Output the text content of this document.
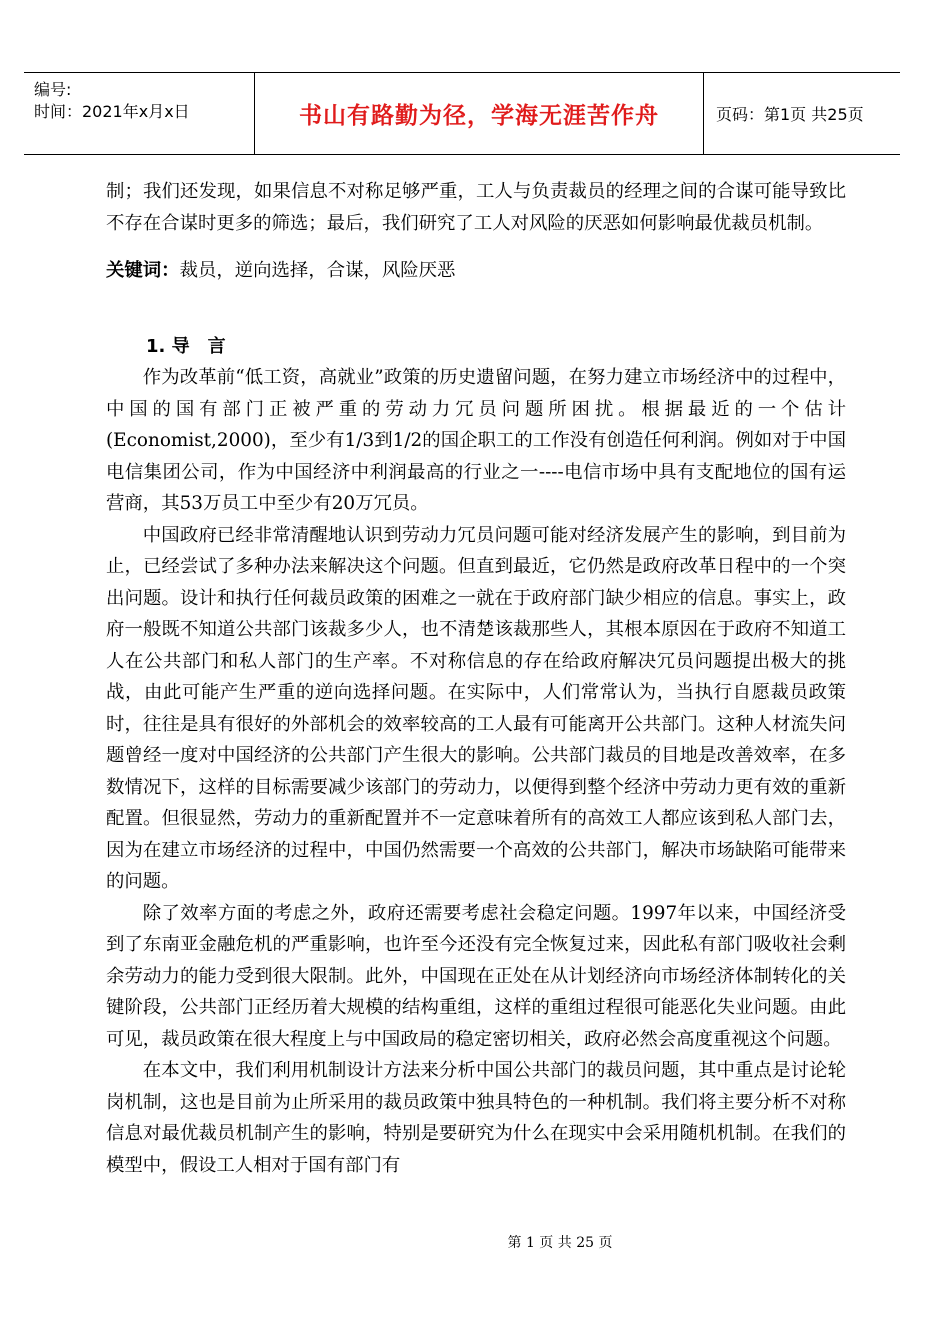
编号:
时间：2021年x月x日	书山有路勤为径，学海无涯苦作舟	页码：第1页 共25页

制；我们还发现，如果信息不对称足够严重，工人与负责裁员的经理之间的合谋可能导致比不存在合谋时更多的筛选；最后，我们研究了工人对风险的厌恶如何影响最优裁员机制。

关键词：裁员，逆向选择，合谋，风险厌恶

1. 导　言

作为改革前“低工资，高就业”政策的历史遗留问题，在努力建立市场经济中的过程中，中国的国有部门正被严重的劳动力冗员问题所困扰。根据最近的一个估计(Economist,2000)，至少有1/3到1/2的国企职工的工作没有创造任何利润。例如对于中国电信集团公司，作为中国经济中利润最高的行业之一----电信市场中具有支配地位的国有运营商，其53万员工中至少有20万冗员。

中国政府已经非常清醒地认识到劳动力冗员问题可能对经济发展产生的影响，到目前为止，已经尝试了多种办法来解决这个问题。但直到最近，它仍然是政府改革日程中的一个突出问题。设计和执行任何裁员政策的困难之一就在于政府部门缺少相应的信息。事实上，政府一般既不知道公共部门该裁多少人，也不清楚该裁那些人，其根本原因在于政府不知道工人在公共部门和私人部门的生产率。不对称信息的存在给政府解决冗员问题提出极大的挑战，由此可能产生严重的逆向选择问题。在实际中，人们常常认为，当执行自愿裁员政策时，往往是具有很好的外部机会的效率较高的工人最有可能离开公共部门。这种人材流失问题曾经一度对中国经济的公共部门产生很大的影响。公共部门裁员的目地是改善效率，在多数情况下，这样的目标需要减少该部门的劳动力，以便得到整个经济中劳动力更有效的重新配置。但很显然，劳动力的重新配置并不一定意味着所有的高效工人都应该到私人部门去，因为在建立市场经济的过程中，中国仍然需要一个高效的公共部门，解决市场缺陷可能带来的问题。

除了效率方面的考虑之外，政府还需要考虑社会稳定问题。1997年以来，中国经济受到了东南亚金融危机的严重影响，也许至今还没有完全恢复过来，因此私有部门吸收社会剩余劳动力的能力受到很大限制。此外，中国现在正处在从计划经济向市场经济体制转化的关键阶段，公共部门正经历着大规模的结构重组，这样的重组过程很可能恶化失业问题。由此可见，裁员政策在很大程度上与中国政局的稳定密切相关，政府必然会高度重视这个问题。

在本文中，我们利用机制设计方法来分析中国公共部门的裁员问题，其中重点是讨论轮岗机制，这也是目前为止所采用的裁员政策中独具特色的一种机制。我们将主要分析不对称信息对最优裁员机制产生的影响，特别是要研究为什么在现实中会采用随机机制。在我们的模型中，假设工人相对于国有部门有

第 1 页 共 25 页
